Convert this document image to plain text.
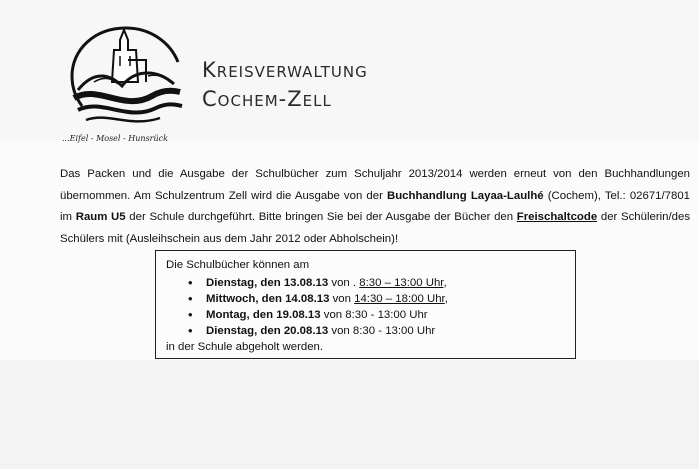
...Eifel - Mosel - Hunsrück
Kreisverwaltung
Cochem-Zell
Das Packen und die Ausgabe der Schulbücher zum Schuljahr 2013/2014 werden erneut von den Buchhandlungen übernommen. Am Schulzentrum Zell wird die Ausgabe von der Buchhandlung Layaa-Laulhé (Cochem), Tel.: 02671/7801 im Raum U5 der Schule durchgeführt. Bitte bringen Sie bei der Ausgabe der Bücher den Freischaltcode der Schülerin/des Schülers mit (Ausleihschein aus dem Jahr 2012 oder Abholschein)!
Die Schulbücher können am
• Dienstag, den 13.08.13 von . 8:30 – 13:00 Uhr,
• Mittwoch, den 14.08.13 von 14:30 – 18:00 Uhr,
• Montag, den 19.08.13 von 8:30 - 13:00 Uhr
• Dienstag, den 20.08.13 von 8:30 - 13:00 Uhr
in der Schule abgeholt werden.
